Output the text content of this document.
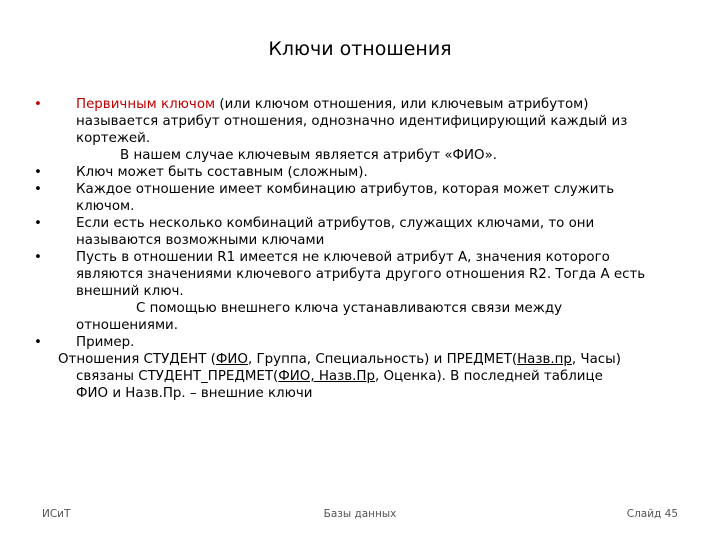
Ключи отношения
•	Первичным ключом (или ключом отношения, или ключевым атрибутом)
называется атрибут отношения, однозначно идентифицирующий каждый из
кортежей.
В нашем случае ключевым является атрибут «ФИО».
•	Ключ может быть составным (сложным).
•	Каждое отношение имеет комбинацию атрибутов, которая может служить
ключом.
•	Если есть несколько комбинаций атрибутов, служащих ключами, то они
называются возможными ключами
•	Пусть в отношении R1 имеется не ключевой атрибут А, значения которого
являются значениями ключевого атрибута другого отношения R2. Тогда А есть
внешний ключ.
С помощью внешнего ключа устанавливаются связи между
отношениями.
•	Пример.
Отношения СТУДЕНТ (ФИО, Группа, Специальность) и ПРЕДМЕТ(Назв.пр, Часы)
связаны СТУДЕНТ_ПРЕДМЕТ(ФИО, Назв.Пр, Оценка). В последней таблице
ФИО и Назв.Пр. – внешние ключи
ИСиТ	Базы данных	Слайд 45
